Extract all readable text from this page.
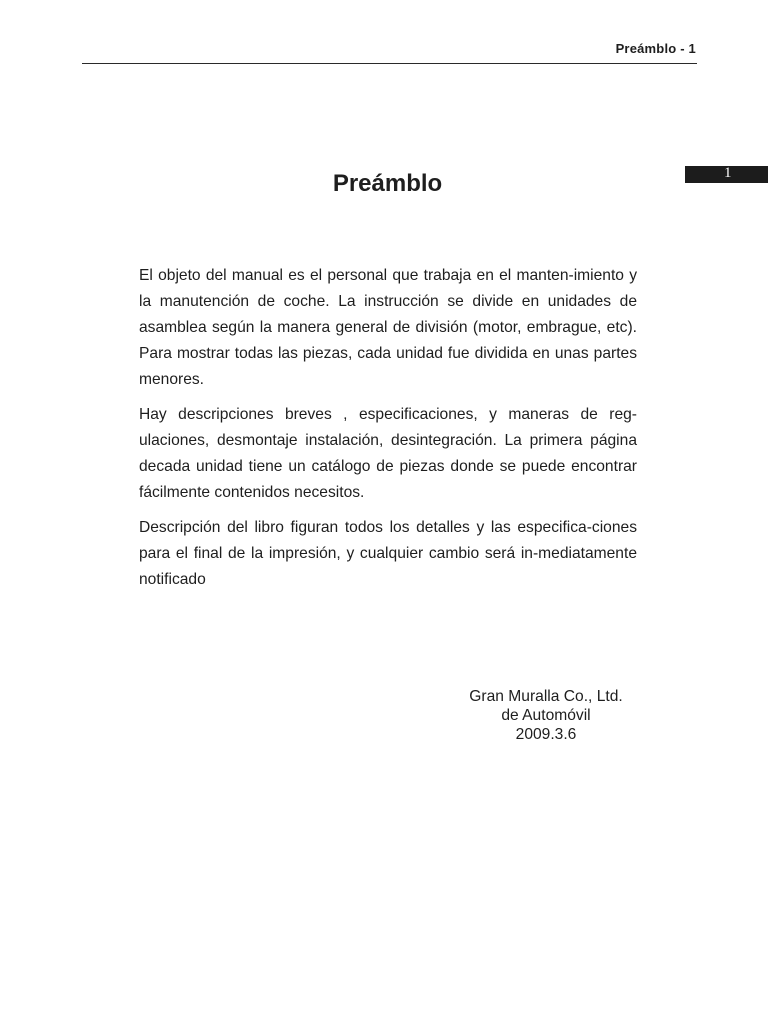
Preámblo - 1
1
Preámblo

El objeto del manual es el personal que trabaja en el manten-imiento y la manutención de coche. La instrucción se divide en unidades de asamblea según la manera general de división (motor, embrague, etc). Para mostrar todas las piezas, cada unidad fue dividida en unas partes menores.

Hay descripciones breves , especificaciones, y maneras de reg-ulaciones, desmontaje instalación, desintegración. La primera página decada unidad tiene un catálogo de piezas donde se puede encontrar fácilmente contenidos necesitos.

Descripción del libro figuran todos los detalles y las especifica-ciones para el final de la impresión, y cualquier cambio será in-mediatamente notificado

Gran Muralla Co., Ltd.
de Automóvil
2009.3.6
